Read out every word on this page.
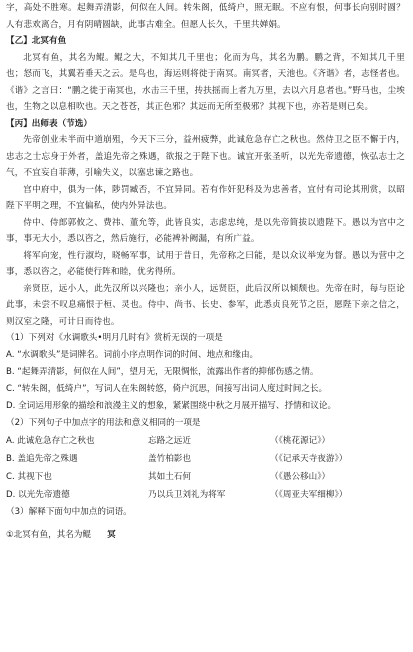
字，高处不胜寒。起舞弄清影，何似在人间。转朱阁，低绮户，照无眠。不应有恨，何事长向别时圆？人有悲欢离合，月有阴晴圆缺，此事古难全。但愿人长久，千里共婵娟。

【乙】北冥有鱼

北冥有鱼，其名为鲲。鲲之大，不知其几千里也；化而为鸟，其名为鹏。鹏之背，不知其几千里也；怒而飞，其翼若垂天之云。是鸟也，海运则将徙于南冥。南冥者，天池也。《齐谐》者，志怪者也。《谐》之言曰：“鹏之徙于南冥也，水击三千里，抟扶摇而上者九万里，去以六月息者也。”野马也，尘埃也，生物之以息相吹也。天之苍苍，其正色邪？其远而无所至极邪？其视下也，亦若是则已矣。

【丙】出师表（节选）

先帝创业未半而中道崩殂，今天下三分，益州疲弊，此诚危急存亡之秋也。然侍卫之臣不懈于内，忠志之士忘身于外者，盖追先帝之殊遇，欲报之于陛下也。诚宜开张圣听，以光先帝遗德，恢弘志士之气，不宜妄自菲薄，引喻失义，以塞忠谏之路也。

宫中府中，俱为一体，陟罚臧否，不宜异同。若有作奸犯科及为忠善者，宜付有司论其刑赏，以昭陛下平明之理，不宜偏私，使内外异法也。

侍中、侍郎郭攸之、费祎、董允等，此皆良实，志虑忠纯，是以先帝简拔以遗陛下。愚以为宫中之事，事无大小，悉以咨之，然后施行，必能裨补阙漏，有所广益。

将军向宠，性行淑均，晓畅军事，试用于昔日，先帝称之曰能，是以众议举宠为督。愚以为营中之事，悉以咨之，必能使行阵和睦，优劣得所。

亲贤臣，远小人，此先汉所以兴隆也；亲小人，远贤臣，此后汉所以倾颓也。先帝在时，每与臣论此事，未尝不叹息痛恨于桓、灵也。侍中、尚书、长史、参军，此悉贞良死节之臣，愿陛下亲之信之，则汉室之隆，可计日而待也。

（1）下列对《水调歌头•明月几时有》赏析无误的一项是

A. “水调歌头”是词牌名。词前小序点明作词的时间、地点和缘由。

B. “起舞弄清影，何似在人间”，望月无，无限惆怅，流露出作者的抑郁伤感之情。

C. “转朱阁，低绮户”，写词人在朱阁转悠，倚户沉思，间接写出词人度过时间之长。

D. 全词运用形象的描绘和浪漫主义的想象，紧紧围绕中秋之月展开描写、抒情和议论。

（2）下列句子中加点字的用法和意义相同的一项是

A. 此诚危急存亡之秋也	忘路之远近	（《桃花源记》）
B. 盖追先帝之殊遇	盖竹柏影也	（《记承天寺夜游》）
C. 其视下也	其如土石何	（《愚公移山》）
D. 以光先帝遗德	乃以兵卫刘礼为将军	（《周亚夫军细柳》）

（3）解释下面句中加点的词语。

①北冥有鱼，其名为鲲 冥
